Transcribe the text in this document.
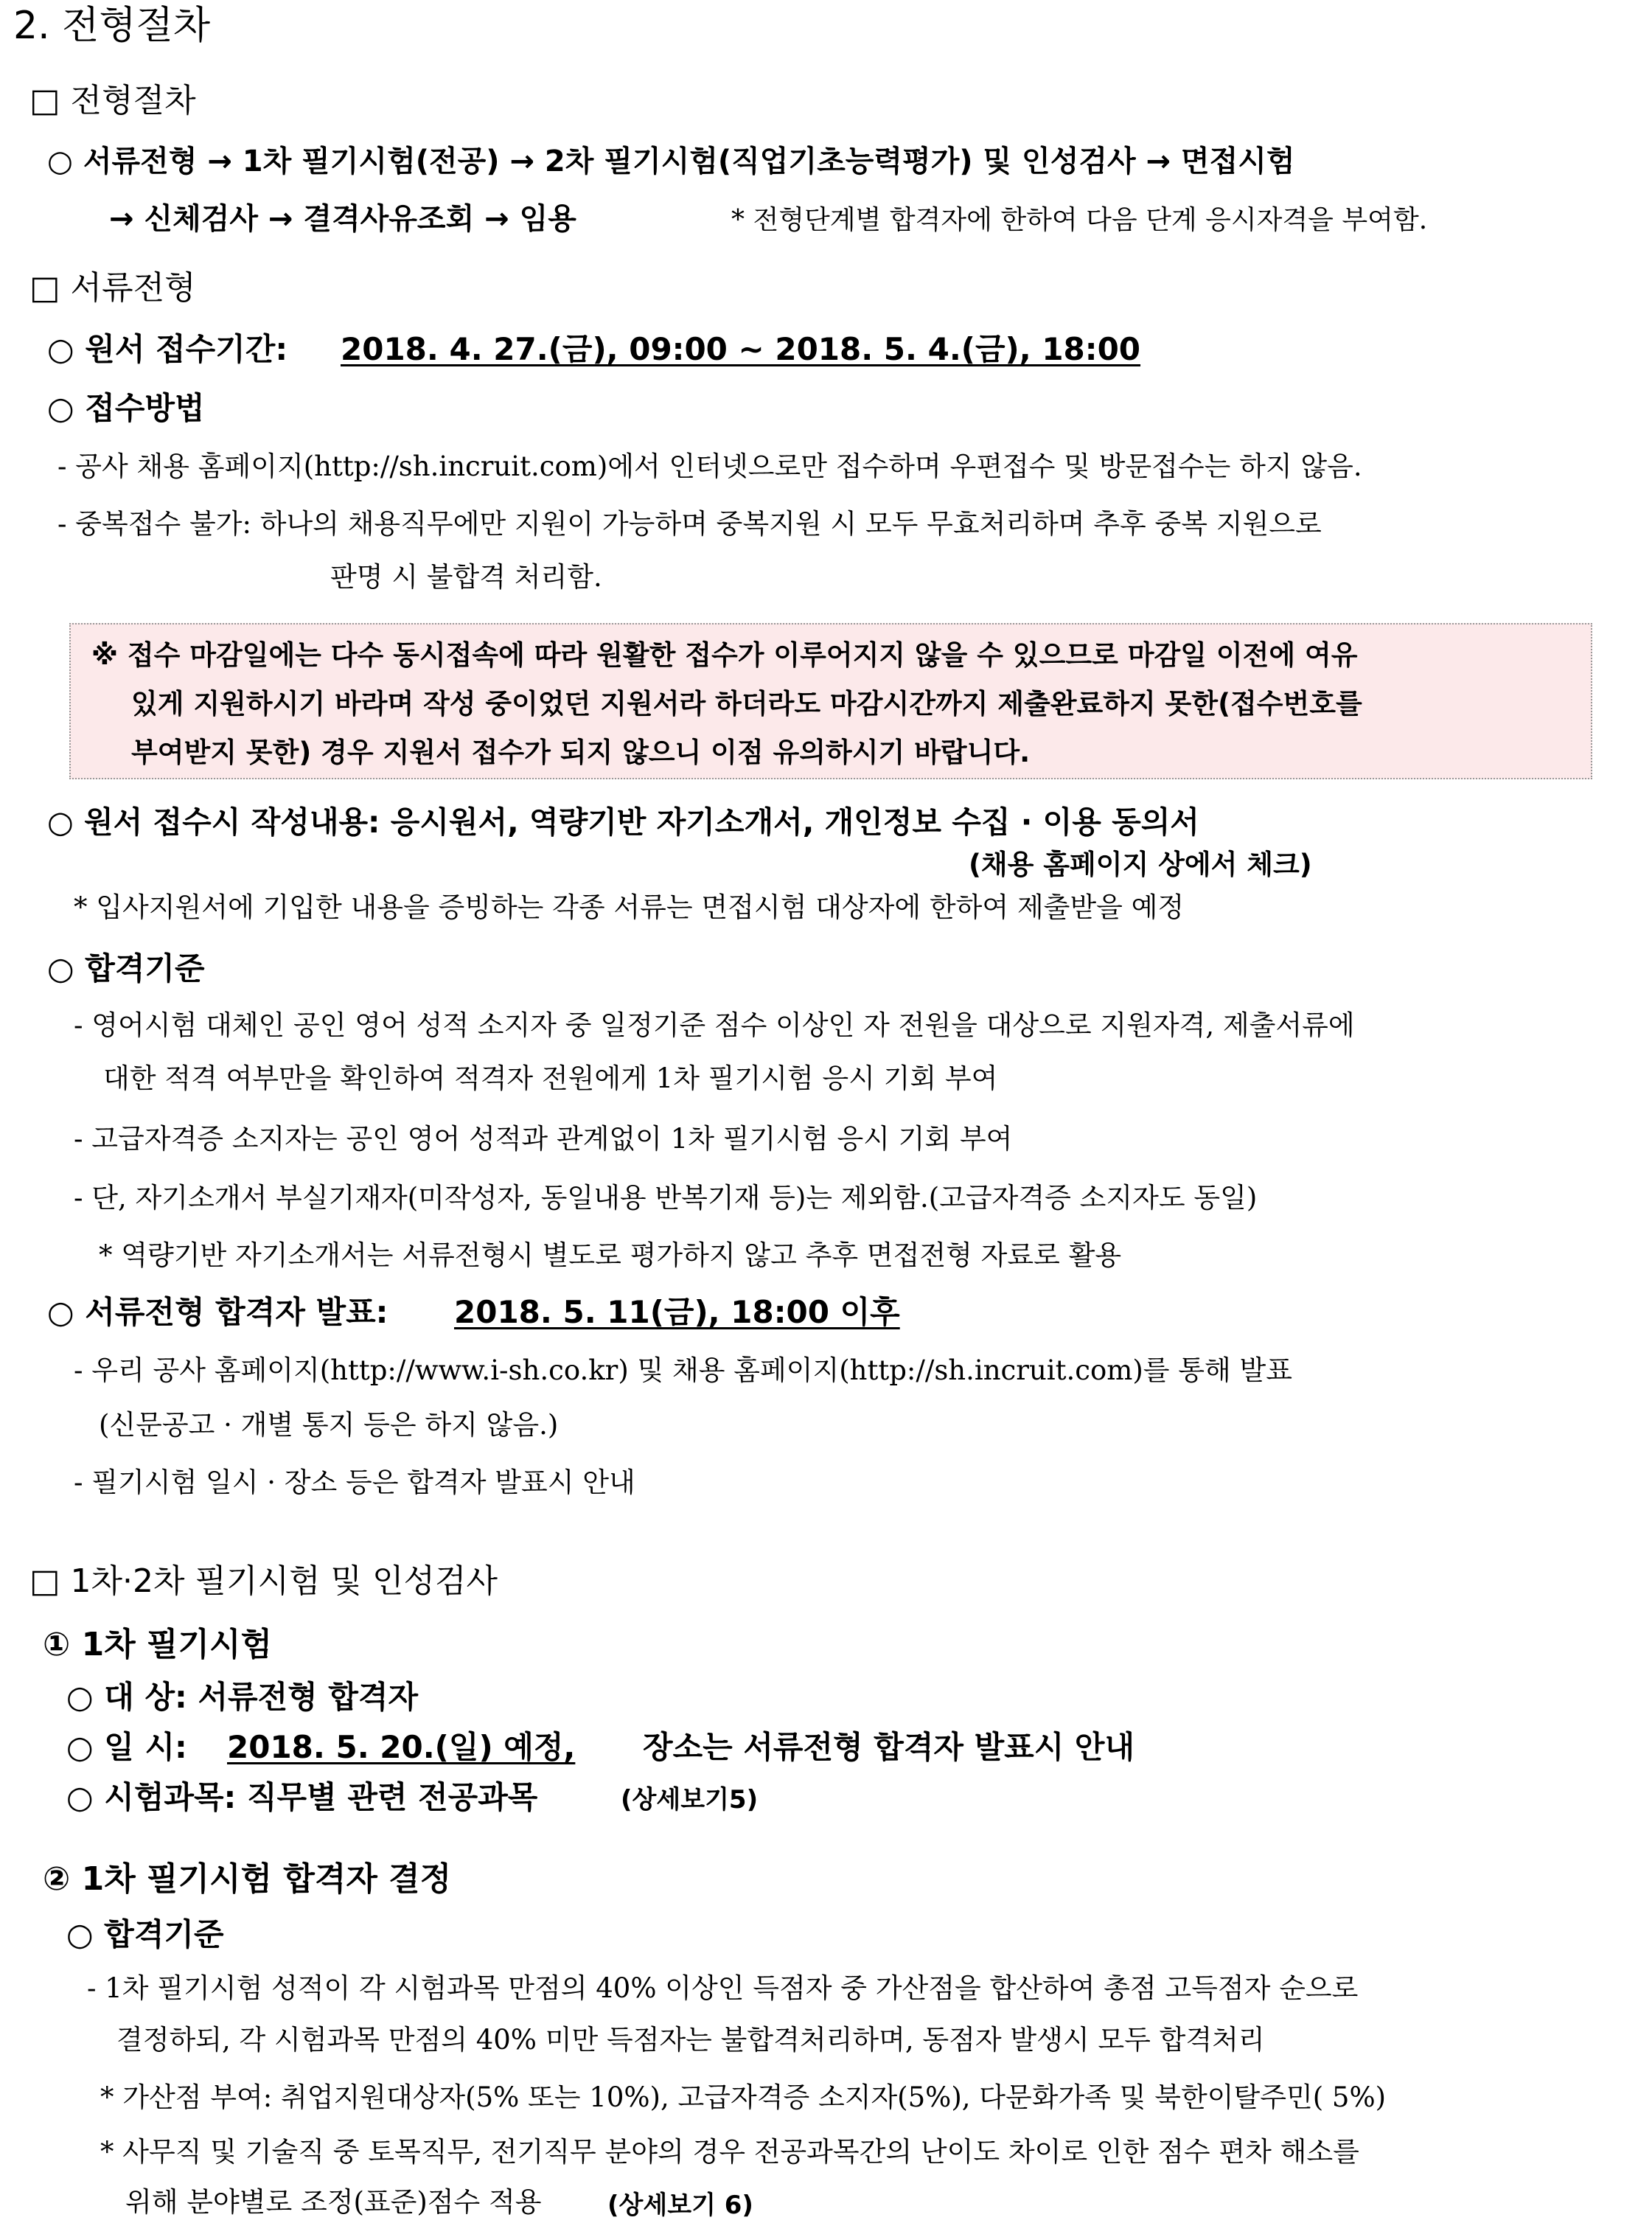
2. 전형절차
□ 전형절차
○ 서류전형 → 1차 필기시험(전공) → 2차 필기시험(직업기초능력평가) 및 인성검사 → 면접시험
→ 신체검사 → 결격사유조회 → 임용	* 전형단계별 합격자에 한하여 다음 단계 응시자격을 부여함.
□ 서류전형
○ 원서 접수기간: 2018. 4. 27.(금), 09:00 ~ 2018. 5. 4.(금), 18:00
○ 접수방법
- 공사 채용 홈페이지(http://sh.incruit.com)에서 인터넷으로만 접수하며 우편접수 및 방문접수는 하지 않음.
- 중복접수 불가: 하나의 채용직무에만 지원이 가능하며 중복지원 시 모두 무효처리하며 추후 중복 지원으로
판명 시 불합격 처리함.
※ 접수 마감일에는 다수 동시접속에 따라 원활한 접수가 이루어지지 않을 수 있으므로 마감일 이전에 여유
있게 지원하시기 바라며 작성 중이었던 지원서라 하더라도 마감시간까지 제출완료하지 못한(접수번호를
부여받지 못한) 경우 지원서 접수가 되지 않으니 이점 유의하시기 바랍니다.
○ 원서 접수시 작성내용: 응시원서, 역량기반 자기소개서, 개인정보 수집 · 이용 동의서
(채용 홈페이지 상에서 체크)
* 입사지원서에 기입한 내용을 증빙하는 각종 서류는 면접시험 대상자에 한하여 제출받을 예정
○ 합격기준
- 영어시험 대체인 공인 영어 성적 소지자 중 일정기준 점수 이상인 자 전원을 대상으로 지원자격, 제출서류에
대한 적격 여부만을 확인하여 적격자 전원에게 1차 필기시험 응시 기회 부여
- 고급자격증 소지자는 공인 영어 성적과 관계없이 1차 필기시험 응시 기회 부여
- 단, 자기소개서 부실기재자(미작성자, 동일내용 반복기재 등)는 제외함.(고급자격증 소지자도 동일)
* 역량기반 자기소개서는 서류전형시 별도로 평가하지 않고 추후 면접전형 자료로 활용
○ 서류전형 합격자 발표: 2018. 5. 11(금), 18:00 이후
- 우리 공사 홈페이지(http://www.i-sh.co.kr) 및 채용 홈페이지(http://sh.incruit.com)를 통해 발표
(신문공고 · 개별 통지 등은 하지 않음.)
- 필기시험 일시 · 장소 등은 합격자 발표시 안내
□ 1차·2차 필기시험 및 인성검사
① 1차 필기시험
○ 대 상: 서류전형 합격자
○ 일 시: 2018. 5. 20.(일) 예정, 장소는 서류전형 합격자 발표시 안내
○ 시험과목: 직무별 관련 전공과목	(상세보기5)
② 1차 필기시험 합격자 결정
○ 합격기준
- 1차 필기시험 성적이 각 시험과목 만점의 40% 이상인 득점자 중 가산점을 합산하여 총점 고득점자 순으로
결정하되, 각 시험과목 만점의 40% 미만 득점자는 불합격처리하며, 동점자 발생시 모두 합격처리
* 가산점 부여: 취업지원대상자(5% 또는 10%), 고급자격증 소지자(5%), 다문화가족 및 북한이탈주민( 5%)
* 사무직 및 기술직 중 토목직무, 전기직무 분야의 경우 전공과목간의 난이도 차이로 인한 점수 편차 해소를
위해 분야별로 조정(표준)점수 적용	(상세보기 6)
